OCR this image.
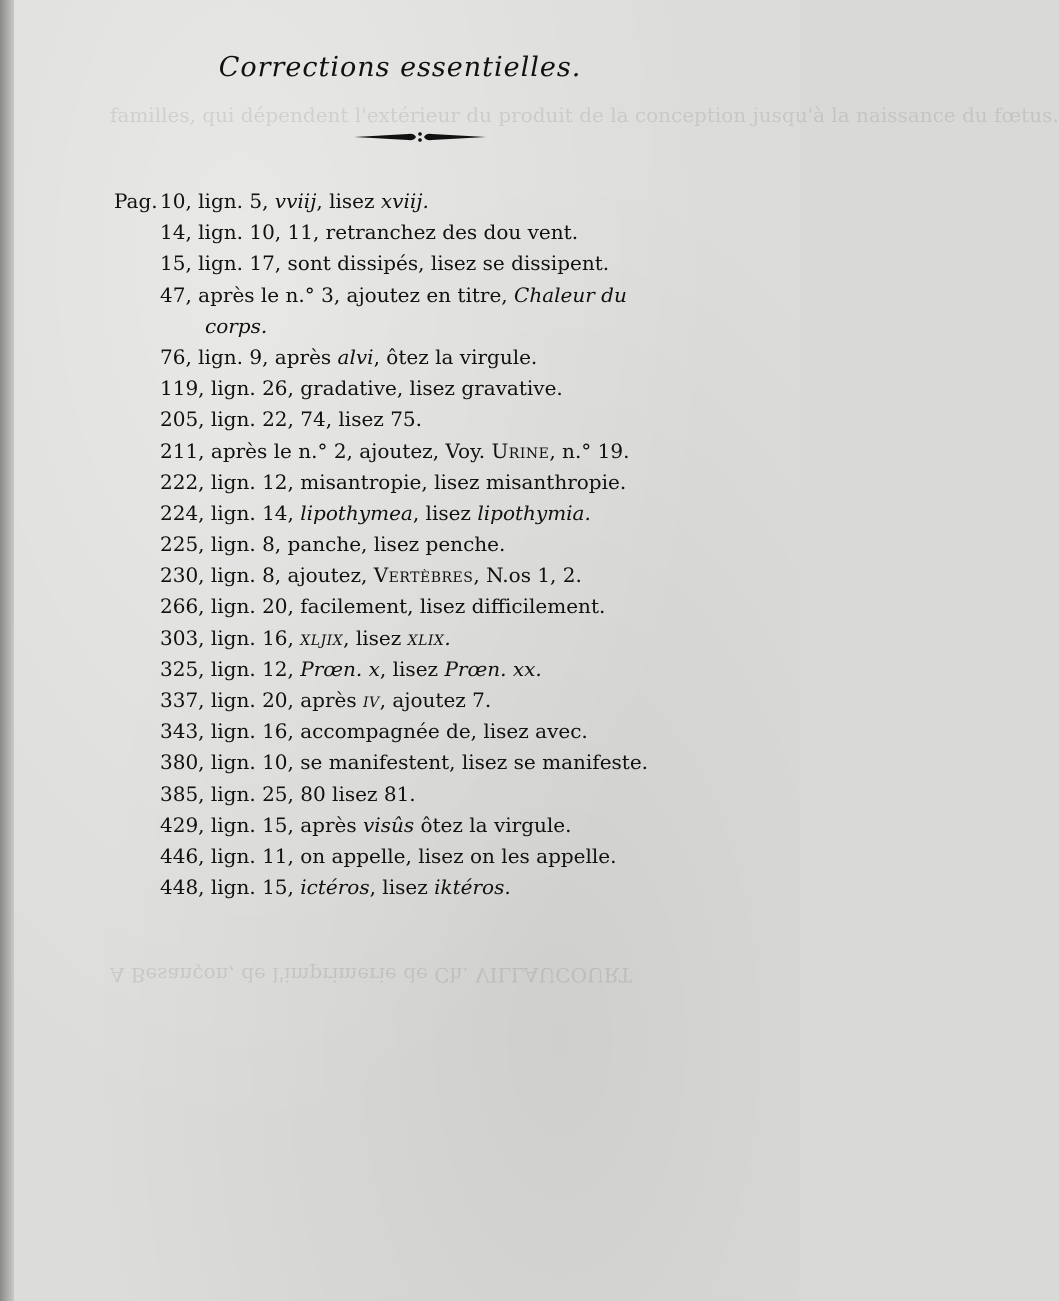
familles, qui dépendent l'extérieur du produit de la conception jusqu'à la naissance du fœtus.
A Besançon, de l'imprimerie de Ch. VILLAUCOURT
Corrections essentielles.
Pag. 10, lign. 5, vviij, lisez xviij.
14, lign. 10, 11, retranchez des dou vent.
15, lign. 17, sont dissipés, lisez se dissipent.
47, après le n.° 3, ajoutez en titre, Chaleur du
corps.
76, lign. 9, après alvi, ôtez la virgule.
119, lign. 26, gradative, lisez gravative.
205, lign. 22, 74, lisez 75.
211, après le n.° 2, ajoutez, Voy. Urine, n.° 19.
222, lign. 12, misantropie, lisez misanthropie.
224, lign. 14, lipothymea, lisez lipothymia.
225, lign. 8, panche, lisez penche.
230, lign. 8, ajoutez, Vertèbres, N.os 1, 2.
266, lign. 20, facilement, lisez difficilement.
303, lign. 16, xljix, lisez xlix.
325, lign. 12, Prœn. x, lisez Prœn. xx.
337, lign. 20, après iv, ajoutez 7.
343, lign. 16, accompagnée de, lisez avec.
380, lign. 10, se manifestent, lisez se manifeste.
385, lign. 25, 80 lisez 81.
429, lign. 15, après visûs ôtez la virgule.
446, lign. 11, on appelle, lisez on les appelle.
448, lign. 15, ictéros, lisez iktéros.
